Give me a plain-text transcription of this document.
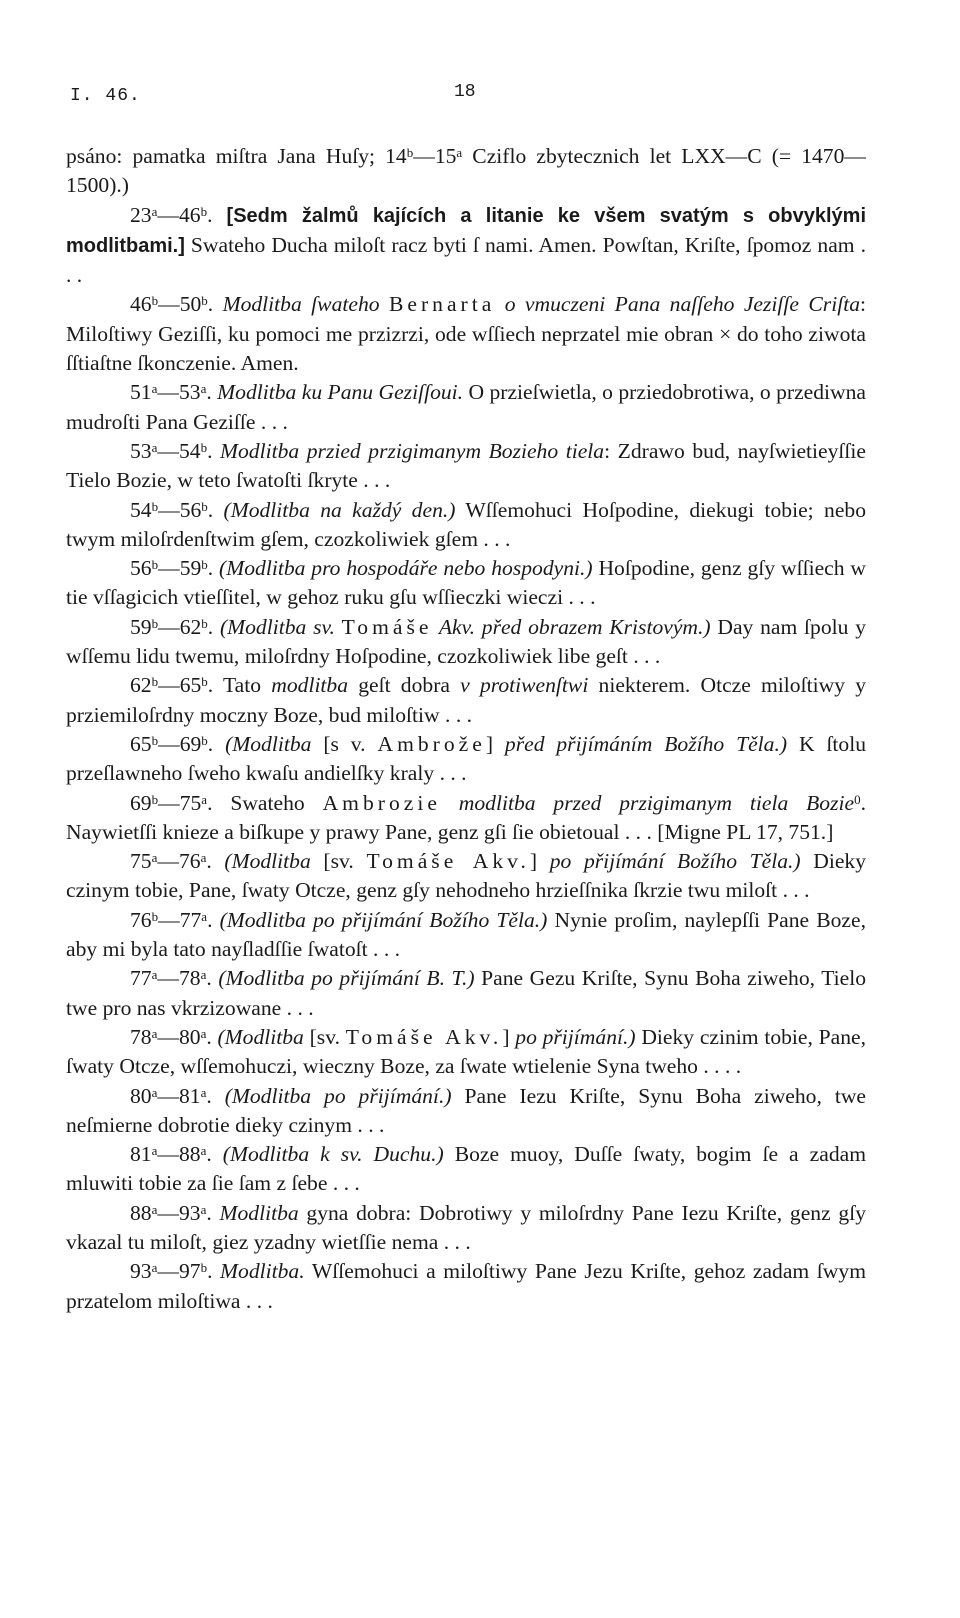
I. 46.	18

psáno: pamatka miſtra Jana Huſy; 14$^b$—15$^a$ Cziflo zbytecznich let LXX—C (= 1470—1500).)

23$^a$—46$^b$. [Sedm žalmů kajících a litanie ke všem svatým s obvyklými modlitbami.] Swateho Ducha miloſt racz byti ſ nami. Amen. Powſtan, Kriſte, ſpomoz nam . . .

46$^b$—50$^b$. Modlitba ſwateho Bernarta o vmuczeni Pana naſſeho Jeziſſe Criſta: Miloſtiwy Geziſſi, ku pomoci me przizrzi, ode wſſiech neprzatel mie obran × do toho ziwota ſſtiaſtne ſkonczenie. Amen.

51$^a$—53$^a$. Modlitba ku Panu Geziſſoui. O przieſwietla, o prziedobrotiwa, o przediwna mudroſti Pana Geziſſe . . .

53$^a$—54$^b$. Modlitba przied przigimanym Bozieho tiela: Zdrawo bud, nayſwietieyſſie Tielo Bozie, w teto ſwatoſti ſkryte . . .

54$^b$—56$^b$. (Modlitba na každý den.) Wſſemohuci Hoſpodine, diekugi tobie; nebo twym miloſrdenſtwim gſem, czozkoliwiek gſem . . .

56$^b$—59$^b$. (Modlitba pro hospodáře nebo hospodyni.) Hoſpodine, genz gſy wſſiech w tie vſſagicich vtieſſitel, w gehoz ruku gſu wſſieczki wieczi . . .

59$^b$—62$^b$. (Modlitba sv. Tomáše Akv. před obrazem Kristovým.) Day nam ſpolu y wſſemu lidu twemu, miloſrdny Hoſpodine, czozkoliwiek libe geſt . . .

62$^b$—65$^b$. Tato modlitba geſt dobra v protiwenſtwi niekterem. Otcze miloſtiwy y prziemiloſrdny moczny Boze, bud miloſtiw . . .

65$^b$—69$^b$. (Modlitba [s v. Ambrože] před přijímáním Božího Těla.) K ſtolu przeſlawneho ſweho kwaſu andielſky kraly . . .

69$^b$—75$^a$. Swateho Ambrozie modlitba przed przigimanym tiela Bozie$^0$. Naywietſſi knieze a biſkupe y prawy Pane, genz gſi ſie obietoual . . . [Migne PL 17, 751.]

75$^a$—76$^a$. (Modlitba [sv. Tomáše Akv.] po přijímání Božího Těla.) Dieky czinym tobie, Pane, ſwaty Otcze, genz gſy nehodneho hrzieſſnika ſkrzie twu miloſt . . .

76$^b$—77$^a$. (Modlitba po přijímání Božího Těla.) Nynie proſim, naylepſſi Pane Boze, aby mi byla tato nayſladſſie ſwatoſt . . .

77$^a$—78$^a$. (Modlitba po přijímání B. T.) Pane Gezu Kriſte, Synu Boha ziweho, Tielo twe pro nas vkrzizowane . . .

78$^a$—80$^a$. (Modlitba [sv. Tomáše Akv.] po přijímání.) Dieky czinim tobie, Pane, ſwaty Otcze, wſſemohuczi, wieczny Boze, za ſwate wtielenie Syna tweho . . . .

80$^a$—81$^a$. (Modlitba po přijímání.) Pane Iezu Kriſte, Synu Boha ziweho, twe neſmierne dobrotie dieky czinym . . .

81$^a$—88$^a$. (Modlitba k sv. Duchu.) Boze muoy, Duſſe ſwaty, bogim ſe a zadam mluwiti tobie za ſie ſam z ſebe . . .

88$^a$—93$^a$. Modlitba gyna dobra: Dobrotiwy y miloſrdny Pane Iezu Kriſte, genz gſy vkazal tu miloſt, giez yzadny wietſſie nema . . .

93$^a$—97$^b$. Modlitba. Wſſemohuci a miloſtiwy Pane Jezu Kriſte, gehoz zadam ſwym przatelom miloſtiwa . . .
